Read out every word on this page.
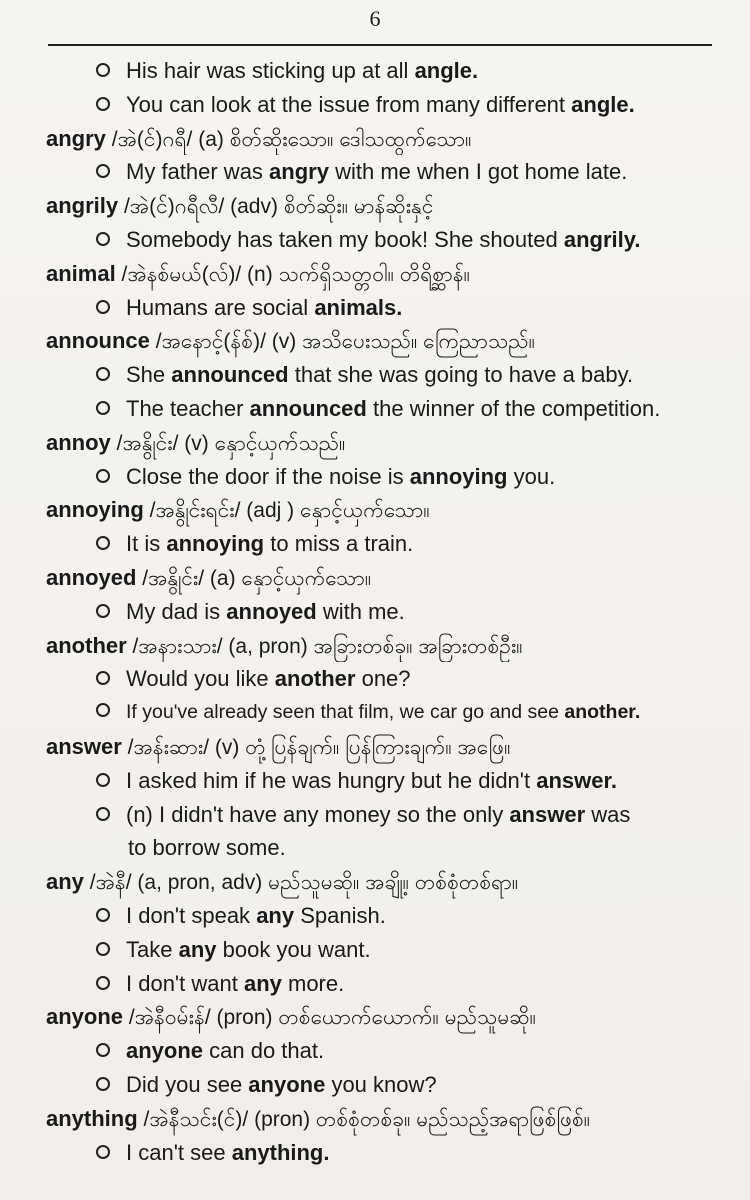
6
His hair was sticking up at all angle.
You can look at the issue from many different angle.
angry /အဲ(င်)ဂရီ/ (a) စိတ်ဆိုးသော။ ဒေါသထွက်သော။
My father was angry with me when I got home late.
angrily /အဲ(င်)ဂရီလီ/ (adv) စိတ်ဆိုး။ မာန်ဆိုးနှင့်
Somebody has taken my book! She shouted angrily.
animal /အဲနစ်မယ်(လ်)/ (n) သက်ရှိသတ္တဝါ။ တိရိစ္ဆာန်။
Humans are social animals.
announce /အနောင့်(န်စ်)/ (v) အသိပေးသည်။ ကြေညာသည်။
She announced that she was going to have a baby.
The teacher announced the winner of the competition.
annoy /အနွိုင်း/ (v) နှောင့်ယှက်သည်။
Close the door if the noise is annoying you.
annoying /အနွိုင်းရင်း/ (adj ) နှောင့်ယှက်သော။
It is annoying to miss a train.
annoyed /အနွိုင်း/ (a) နှောင့်ယှက်သော။
My dad is annoyed with me.
another /အနားသား/ (a, pron) အခြားတစ်ခု။ အခြားတစ်ဦး။
Would you like another one?
If you've already seen that film, we car go and see another.
answer /အန်းဆား/ (v) တုံ့ပြန်ချက်။ ပြန်ကြားချက်။ အဖြေ။
I asked him if he was hungry but he didn't answer.
(n) I didn't have any money so the only answer was
to borrow some.
any /အဲနီ/ (a, pron, adv) မည်သူမဆို။ အချို့။ တစ်စုံတစ်ရာ။
I don't speak any Spanish.
Take any book you want.
I don't want any more.
anyone /အဲနီဝမ်းန်/ (pron) တစ်ယောက်ယောက်။ မည်သူမဆို။
anyone can do that.
Did you see anyone you know?
anything /အဲနီသင်း(င်)/ (pron) တစ်စုံတစ်ခု။ မည်သည့်အရာဖြစ်ဖြစ်။
I can't see anything.
